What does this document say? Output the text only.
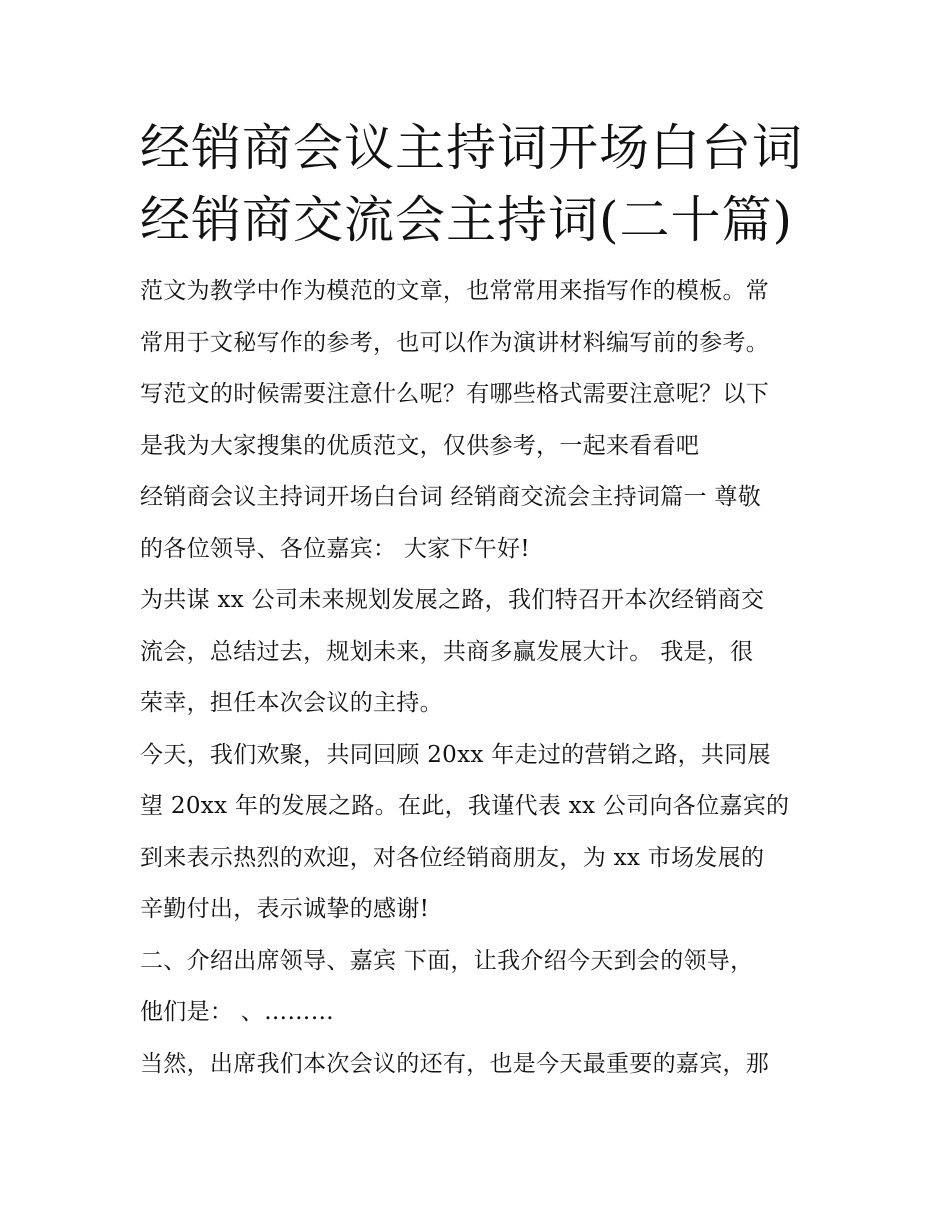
经销商会议主持词开场白台词
经销商交流会主持词(二十篇)
范文为教学中作为模范的文章，也常常用来指写作的模板。常
常用于文秘写作的参考，也可以作为演讲材料编写前的参考。
写范文的时候需要注意什么呢？有哪些格式需要注意呢？以下
是我为大家搜集的优质范文，仅供参考，一起来看看吧
经销商会议主持词开场白台词 经销商交流会主持词篇一 尊敬
的各位领导、各位嘉宾： 大家下午好!
为共谋 xx 公司未来规划发展之路，我们特召开本次经销商交
流会，总结过去，规划未来，共商多赢发展大计。 我是，很
荣幸，担任本次会议的主持。
今天，我们欢聚，共同回顾 20xx 年走过的营销之路，共同展
望 20xx 年的发展之路。在此，我谨代表 xx 公司向各位嘉宾的
到来表示热烈的欢迎，对各位经销商朋友，为 xx 市场发展的
辛勤付出，表示诚挚的感谢!
二、介绍出席领导、嘉宾 下面，让我介绍今天到会的领导，
他们是： 、………
当然，出席我们本次会议的还有，也是今天最重要的嘉宾，那
